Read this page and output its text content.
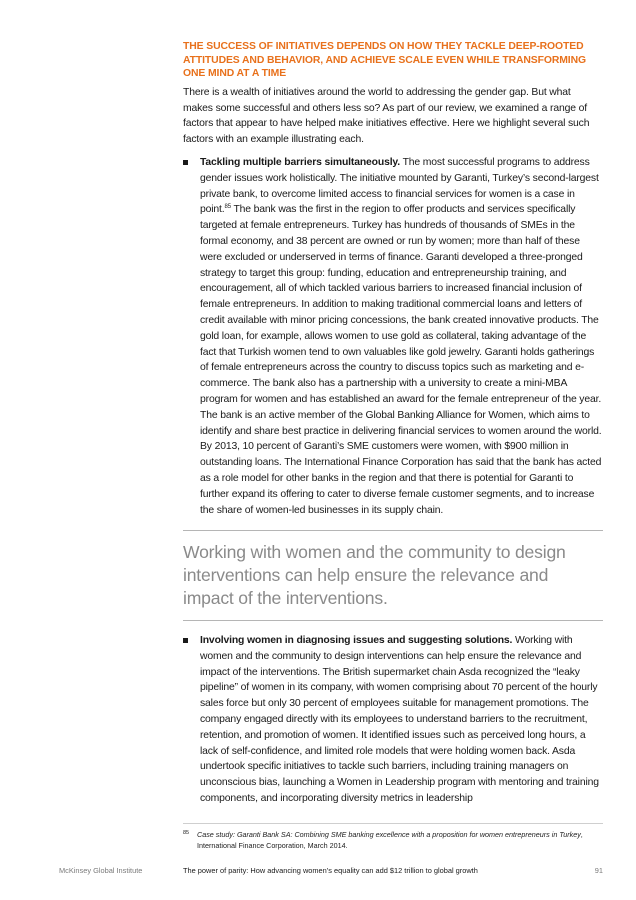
THE SUCCESS OF INITIATIVES DEPENDS ON HOW THEY TACKLE DEEP-ROOTED ATTITUDES AND BEHAVIOR, AND ACHIEVE SCALE EVEN WHILE TRANSFORMING ONE MIND AT A TIME
There is a wealth of initiatives around the world to addressing the gender gap. But what makes some successful and others less so? As part of our review, we examined a range of factors that appear to have helped make initiatives effective. Here we highlight several such factors with an example illustrating each.
Tackling multiple barriers simultaneously. The most successful programs to address gender issues work holistically. The initiative mounted by Garanti, Turkey’s second-largest private bank, to overcome limited access to financial services for women is a case in point.$^{85}$ The bank was the first in the region to offer products and services specifically targeted at female entrepreneurs. Turkey has hundreds of thousands of SMEs in the formal economy, and 38 percent are owned or run by women; more than half of these were excluded or underserved in terms of finance. Garanti developed a three-pronged strategy to target this group: funding, education and entrepreneurship training, and encouragement, all of which tackled various barriers to increased financial inclusion of female entrepreneurs. In addition to making traditional commercial loans and letters of credit available with minor pricing concessions, the bank created innovative products. The gold loan, for example, allows women to use gold as collateral, taking advantage of the fact that Turkish women tend to own valuables like gold jewelry. Garanti holds gatherings of female entrepreneurs across the country to discuss topics such as marketing and e-commerce. The bank also has a partnership with a university to create a mini-MBA program for women and has established an award for the female entrepreneur of the year. The bank is an active member of the Global Banking Alliance for Women, which aims to identify and share best practice in delivering financial services to women around the world. By 2013, 10 percent of Garanti’s SME customers were women, with $900 million in outstanding loans. The International Finance Corporation has said that the bank has acted as a role model for other banks in the region and that there is potential for Garanti to further expand its offering to cater to diverse female customer segments, and to increase the share of women-led businesses in its supply chain.
Working with women and the community to design interventions can help ensure the relevance and impact of the interventions.
Involving women in diagnosing issues and suggesting solutions. Working with women and the community to design interventions can help ensure the relevance and impact of the interventions. The British supermarket chain Asda recognized the “leaky pipeline” of women in its company, with women comprising about 70 percent of the hourly sales force but only 30 percent of employees suitable for management promotions. The company engaged directly with its employees to understand barriers to the recruitment, retention, and promotion of women. It identified issues such as perceived long hours, a lack of self-confidence, and limited role models that were holding women back. Asda undertook specific initiatives to tackle such barriers, including training managers on unconscious bias, launching a Women in Leadership program with mentoring and training components, and incorporating diversity metrics in leadership
85 Case study: Garanti Bank SA: Combining SME banking excellence with a proposition for women entrepreneurs in Turkey, International Finance Corporation, March 2014.
McKinsey Global Institute	The power of parity: How advancing women’s equality can add $12 trillion to global growth	91
